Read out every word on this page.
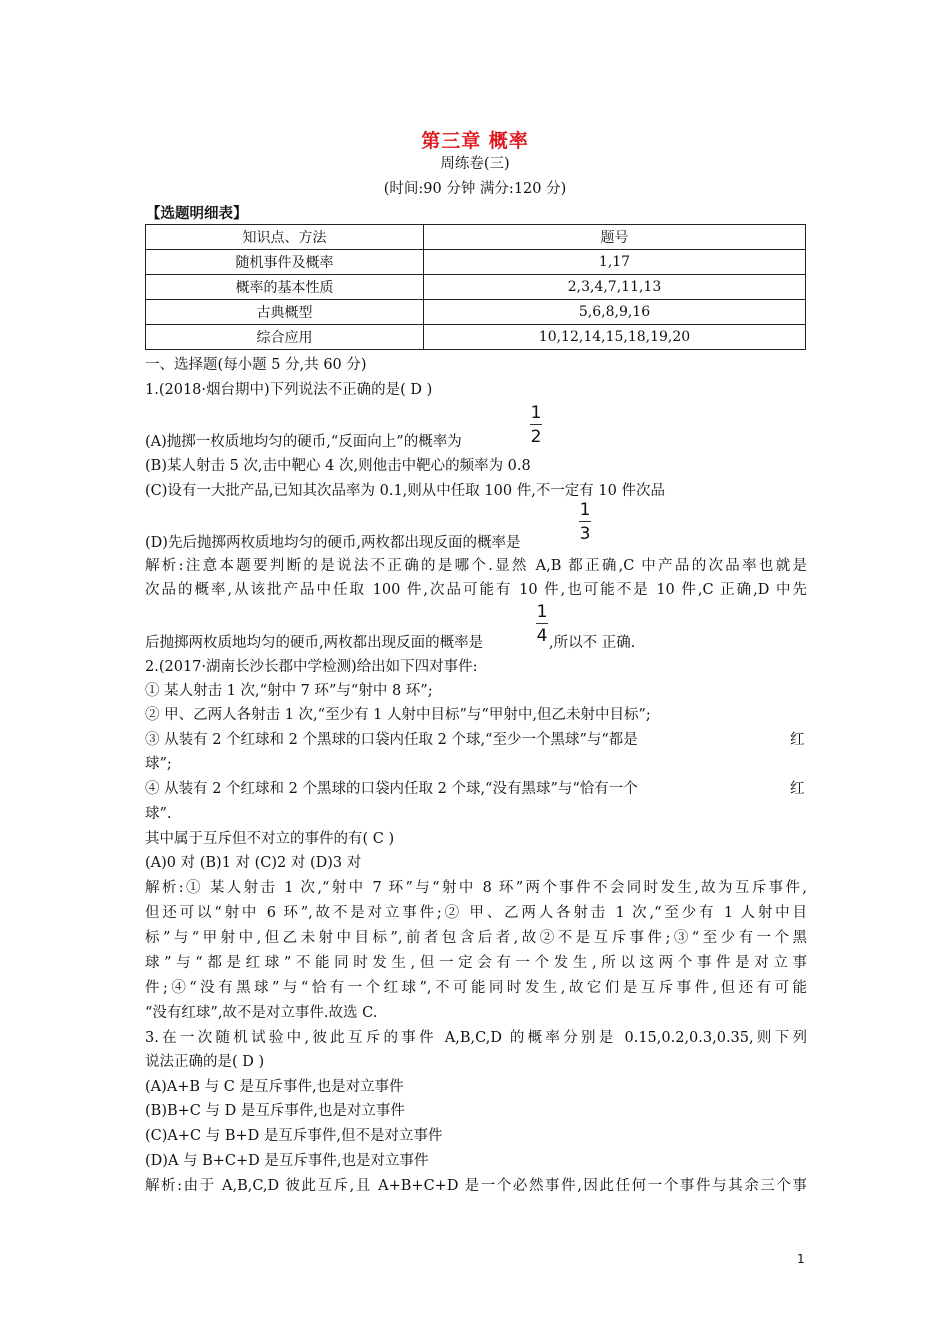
第三章 概率
周练卷(三)
(时间:90 分钟 满分:120 分)
【选题明细表】
知识点、方法	题号
随机事件及概率	1,17
概率的基本性质	2,3,4,7,11,13
古典概型	5,6,8,9,16
综合应用	10,12,14,15,18,19,20
一、选择题(每小题 5 分,共 60 分)
1.(2018·烟台期中)下列说法不正确的是( D )
1
2
(A)抛掷一枚质地均匀的硬币,“反面向上”的概率为
(B)某人射击 5 次,击中靶心 4 次,则他击中靶心的频率为 0.8
(C)设有一大批产品,已知其次品率为 0.1,则从中任取 100 件,不一定有 10 件次品
1
3
(D)先后抛掷两枚质地均匀的硬币,两枚都出现反面的概率是
解析:注意本题要判断的是说法不正确的是哪个.显然 A,B 都正确,C 中产品的次品率也就是
次品的概率,从该批产品中任取 100 件,次品可能有 10 件,也可能不是 10 件,C 正确,D 中先
1
4
后抛掷两枚质地均匀的硬币,两枚都出现反面的概率是	,所以不 正确.
2.(2017·湖南长沙长郡中学检测)给出如下四对事件:
① 某人射击 1 次,“射中 7 环”与“射中 8 环”;
② 甲、乙两人各射击 1 次,“至少有 1 人射中目标”与“甲射中,但乙未射中目标”;
③ 从装有 2 个红球和 2 个黑球的口袋内任取 2 个球,“至少一个黑球”与“都是	红
球”;
④ 从装有 2 个红球和 2 个黑球的口袋内任取 2 个球,“没有黑球”与“恰有一个	红
球”.
其中属于互斥但不对立的事件的有( C )
(A)0 对 (B)1 对 (C)2 对 (D)3 对
解析:① 某人射击 1 次,“射中 7 环”与“射中 8 环”两个事件不会同时发生,故为互斥事件,
但还可以“射中 6 环”,故不是对立事件;② 甲、乙两人各射击 1 次,“至少有 1 人射中目
标”与“甲射中,但乙未射中目标”,前者包含后者,故②不是互斥事件;③“至少有一个黑
球”与“都是红球”不能同时发生,但一定会有一个发生,所以这两个事件是对立事
件;④“没有黑球”与“恰有一个红球”,不可能同时发生,故它们是互斥事件,但还有可能
“没有红球”,故不是对立事件.故选 C.
3.在一次随机试验中,彼此互斥的事件 A,B,C,D 的概率分别是 0.15,0.2,0.3,0.35,则下列
说法正确的是( D )
(A)A+B 与 C 是互斥事件,也是对立事件
(B)B+C 与 D 是互斥事件,也是对立事件
(C)A+C 与 B+D 是互斥事件,但不是对立事件
(D)A 与 B+C+D 是互斥事件,也是对立事件
解析:由于 A,B,C,D 彼此互斥,且 A+B+C+D 是一个必然事件,因此任何一个事件与其余三个事
1
